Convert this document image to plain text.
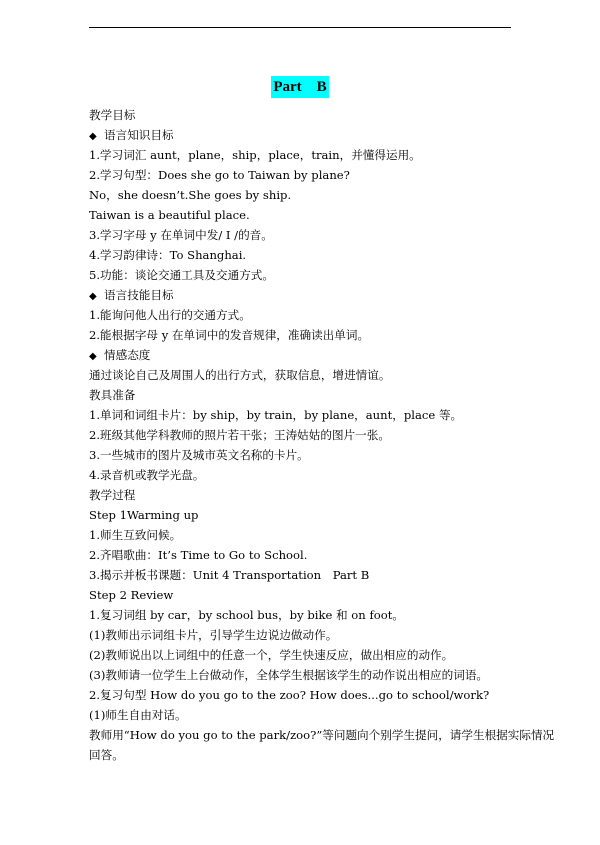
Part　B
教学目标
◆ 语言知识目标
1.学习词汇 aunt，plane，ship，place，train，并懂得运用。
2.学习句型：Does she go to Taiwan by plane?
No，she doesn’t.She goes by ship.
Taiwan is a beautiful place.
3.学习字母 y 在单词中发/ I /的音。
4.学习韵律诗：To Shanghai.
5.功能：谈论交通工具及交通方式。
◆ 语言技能目标
1.能询问他人出行的交通方式。
2.能根据字母 y 在单词中的发音规律，准确读出单词。
◆ 情感态度
通过谈论自己及周围人的出行方式，获取信息，增进情谊。
教具准备
1.单词和词组卡片：by ship，by train，by plane，aunt，place 等。
2.班级其他学科教师的照片若干张；王涛姑姑的图片一张。
3.一些城市的图片及城市英文名称的卡片。
4.录音机或教学光盘。
教学过程
Step 1Warming up
1.师生互致问候。
2.齐唱歌曲：It’s Time to Go to School.
3.揭示并板书课题：Unit 4 Transportation　Part B
Step 2 Review
1.复习词组 by car，by school bus，by bike 和 on foot。
(1)教师出示词组卡片，引导学生边说边做动作。
(2)教师说出以上词组中的任意一个，学生快速反应，做出相应的动作。
(3)教师请一位学生上台做动作，全体学生根据该学生的动作说出相应的词语。
2.复习句型 How do you go to the zoo? How does...go to school/work?
(1)师生自由对话。
教师用“How do you go to the park/zoo?”等问题向个别学生提问，请学生根据实际情况回答。
